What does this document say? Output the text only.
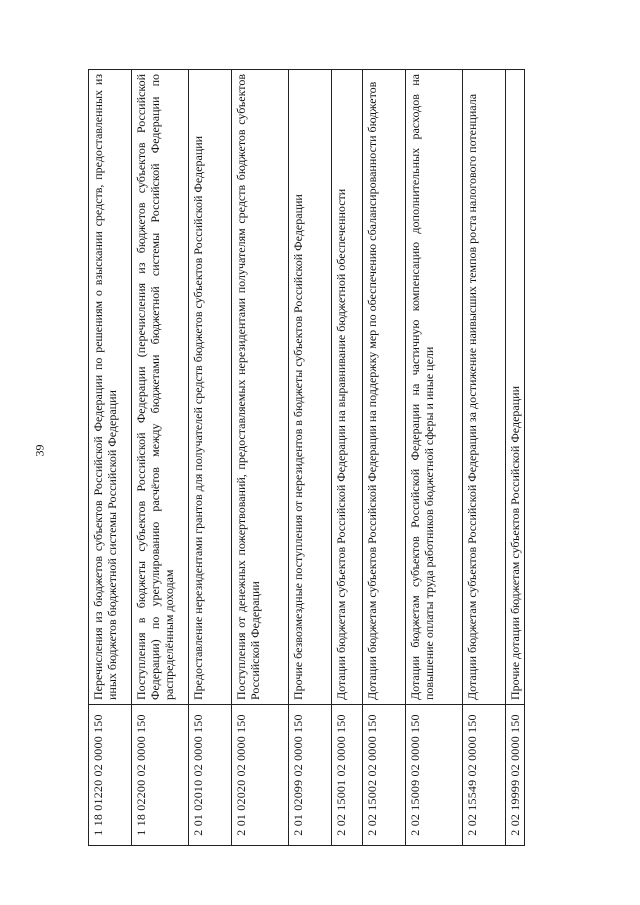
39
1 18 01220 02 0000 150	Перечисления из бюджетов субъектов Российской Федерации по решениям о взыскании средств, предоставленных из иных бюджетов бюджетной системы Российской Федерации
1 18 02200 02 0000 150	Поступления в бюджеты субъектов Российской Федерации (перечисления из бюджетов субъектов Российской Федерации) по урегулированию расчётов между бюджетами бюджетной системы Российской Федерации по распределённым доходам
2 01 02010 02 0000 150	Предоставление нерезидентами грантов для получателей средств бюджетов субъектов Российской Федерации
2 01 02020 02 0000 150	Поступления от денежных пожертвований, предоставляемых нерезидентами получателям средств бюджетов субъектов Российской Федерации
2 01 02099 02 0000 150	Прочие безвозмездные поступления от нерезидентов в бюджеты субъектов Российской Федерации
2 02 15001 02 0000 150	Дотации бюджетам субъектов Российской Федерации на выравнивание бюджетной обеспеченности
2 02 15002 02 0000 150	Дотации бюджетам субъектов Российской Федерации на поддержку мер по обеспечению сбалансированности бюджетов
2 02 15009 02 0000 150	Дотации бюджетам субъектов Российской Федерации на частичную компенсацию дополнительных расходов на повышение оплаты труда работников бюджетной сферы и иные цели
2 02 15549 02 0000 150	Дотации бюджетам субъектов Российской Федерации за достижение наивысших темпов роста налогового потенциала
2 02 19999 02 0000 150	Прочие дотации бюджетам субъектов Российской Федерации
